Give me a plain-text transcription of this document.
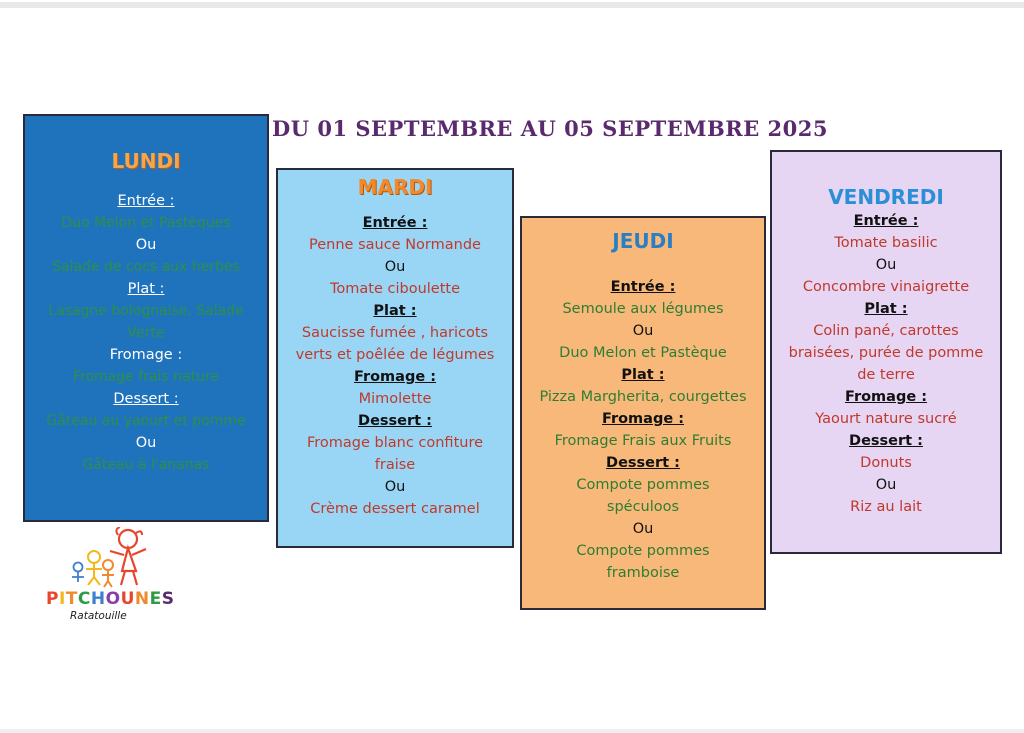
DU 01 SEPTEMBRE AU 05 SEPTEMBRE 2025
LUNDI
Entrée :
Duo Melon et Pastèques
Ou
Salade de cocs aux herbes
Plat :
Lasagne bolognaise, Salade
Verte
Fromage :
Fromage frais nature
Dessert :
Gâteau au yaourt et pomme
Ou
Gâteau à l'ananas
MARDI
Entrée :
Penne sauce Normande
Ou
Tomate ciboulette
Plat :
Saucisse fumée , haricots
verts et poêlée de légumes
Fromage :
Mimolette
Dessert :
Fromage blanc confiture
fraise
Ou
Crème dessert caramel
JEUDI
Entrée :
Semoule aux légumes
Ou
Duo Melon et Pastèque
Plat :
Pizza Margherita, courgettes
Fromage :
Fromage Frais aux Fruits
Dessert :
Compote pommes
spéculoos
Ou
Compote pommes
framboise
VENDREDI
Entrée :
Tomate basilic
Ou
Concombre vinaigrette
Plat :
Colin pané, carottes
braisées, purée de pomme
de terre
Fromage :
Yaourt nature sucré
Dessert :
Donuts
Ou
Riz au lait
PITCHOUNES
Ratatouille
